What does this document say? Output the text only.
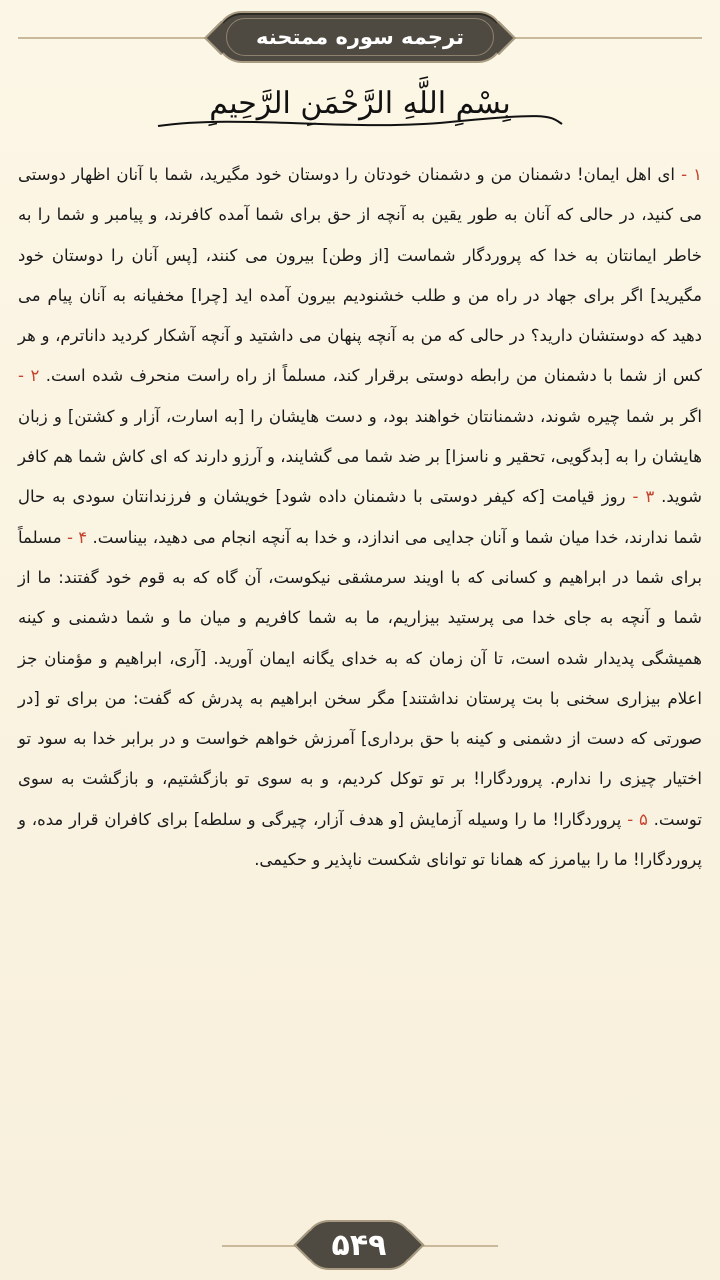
ترجمه سوره ممتحنه
بِسْمِ اللَّهِ الرَّحْمَنِ الرَّحِيمِ
۱ - ای اهل ایمان! دشمنان من و دشمنان خودتان را دوستان خود مگیرید، شما با آنان اظهار دوستی می کنید، در حالی که آنان به طور یقین به آنچه از حق برای شما آمده کافرند، و پیامبر و شما را به خاطر ایمانتان به خدا که پروردگار شماست [از وطن] بیرون می کنند، [پس آنان را دوستان خود مگیرید] اگر برای جهاد در راه من و طلب خشنودیم بیرون آمده اید [چرا] مخفیانه به آنان پیام می دهید که دوستشان دارید؟ در حالی که من به آنچه پنهان می داشتید و آنچه آشکار کردید داناترم، و هر کس از شما با دشمنان من رابطه دوستی برقرار کند، مسلماً از راه راست منحرف شده است. ۲ - اگر بر شما چیره شوند، دشمنانتان خواهند بود، و دست هایشان را [به اسارت، آزار و کشتن] و زبان هایشان را به [بدگویی، تحقیر و ناسزا] بر ضد شما می گشایند، و آرزو دارند که ای کاش شما هم کافر شوید. ۳ - روز قیامت [که کیفر دوستی با دشمنان داده شود] خویشان و فرزندانتان سودی به حال شما ندارند، خدا میان شما و آنان جدایی می اندازد، و خدا به آنچه انجام می دهید، بیناست. ۴ - مسلماً برای شما در ابراهیم و کسانی که با اویند سرمشقی نیکوست، آن گاه که به قوم خود گفتند: ما از شما و آنچه به جای خدا می پرستید بیزاریم، ما به شما کافریم و میان ما و شما دشمنی و کینه همیشگی پدیدار شده است، تا آن زمان که به خدای یگانه ایمان آورید. [آری، ابراهیم و مؤمنان جز اعلام بیزاری سخنی با بت پرستان نداشتند] مگر سخن ابراهیم به پدرش که گفت: من برای تو [در صورتی که دست از دشمنی و کینه با حق برداری] آمرزش خواهم خواست و در برابر خدا به سود تو اختیار چیزی را ندارم. پروردگارا! بر تو توکل کردیم، و به سوی تو بازگشتیم، و بازگشت به سوی توست. ۵ - پروردگارا! ما را وسیله آزمایش [و هدف آزار، چیرگی و سلطه] برای کافران قرار مده، و پروردگارا! ما را بیامرز که همانا تو توانای شکست ناپذیر و حکیمی.
۵۴۹
